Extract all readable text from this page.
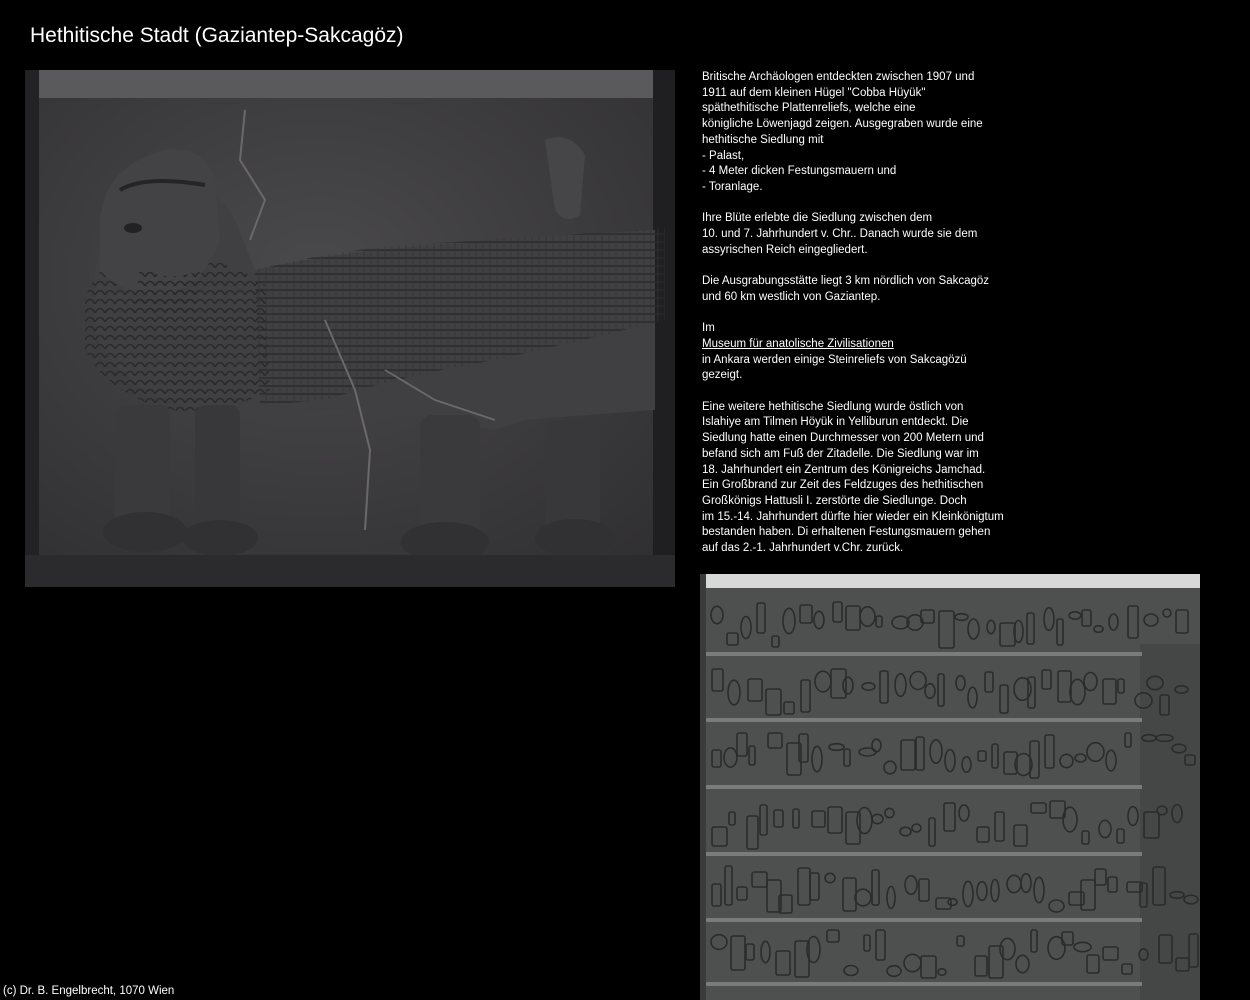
Hethitische Stadt (Gaziantep-Sakcagöz)

Britische Archäologen entdeckten zwischen 1907 und
1911 auf dem kleinen Hügel "Cobba Hüyük"
späthethitische Plattenreliefs, welche eine
königliche Löwenjagd zeigen. Ausgegraben wurde eine
hethitische Siedlung mit
- Palast,
- 4 Meter dicken Festungsmauern und
- Toranlage.

Ihre Blüte erlebte die Siedlung zwischen dem
10. und 7. Jahrhundert v. Chr.. Danach wurde sie dem
assyrischen Reich eingegliedert.

Die Ausgrabungsstätte liegt 3 km nördlich von Sakcagöz
und 60 km westlich von Gaziantep.

Im
Museum für anatolische Zivilisationen
in Ankara werden einige Steinreliefs von Sakcagözü
gezeigt.

Eine weitere hethitische Siedlung wurde östlich von
Islahiye am Tilmen Höyük in Yelliburun entdeckt. Die
Siedlung hatte einen Durchmesser von 200 Metern und
befand sich am Fuß der Zitadelle. Die Siedlung war im
18. Jahrhundert ein Zentrum des Königreichs Jamchad.
Ein Großbrand zur Zeit des Feldzuges des hethitischen
Großkönigs Hattusli I. zerstörte die Siedlunge. Doch
im 15.-14. Jahrhundert dürfte hier wieder ein Kleinkönigtum
bestanden haben. Di erhaltenen Festungsmauern gehen
auf das 2.-1. Jahrhundert v.Chr. zurück.

(c) Dr. B. Engelbrecht, 1070 Wien
